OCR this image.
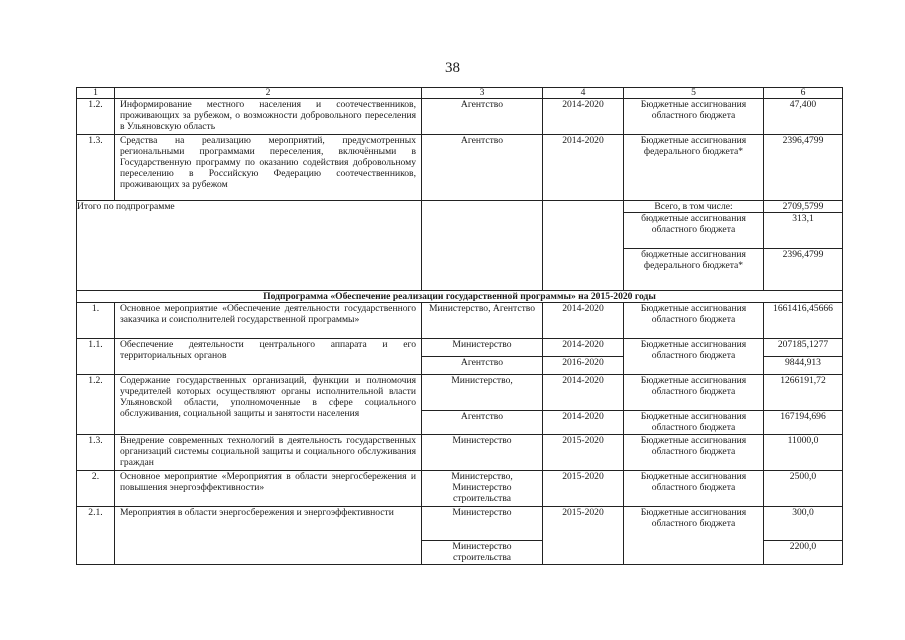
38
1	2	3	4	5	6
1.2.	Информирование местного населения и соотечественников, проживающих за рубежом, о возможности добровольного переселения в Ульяновскую область	Агентство	2014-2020	Бюджетные ассигнования областного бюджета	47,400
1.3.	Средства на реализацию мероприятий, предусмотренных региональными программами переселения, включёнными в Государственную программу по оказанию содействия добровольному переселению в Российскую Федерацию соотечественников, проживающих за рубежом	Агентство	2014-2020	Бюджетные ассигнования федерального бюджета*	2396,4799
Итого по подпрограмме				Всего, в том числе:	2709,5799
				бюджетные ассигнования областного бюджета	313,1
				бюджетные ассигнования федерального бюджета*	2396,4799
Подпрограмма «Обеспечение реализации государственной программы» на 2015-2020 годы					
1.	Основное мероприятие «Обеспечение деятельности государственного заказчика и соисполнителей государственной программы»	Министерство, Агентство	2014-2020	Бюджетные ассигнования областного бюджета	1661416,45666
1.1.	Обеспечение деятельности центрального аппарата и его территориальных органов	Министерство	2014-2020	Бюджетные ассигнования областного бюджета	207185,1277
		Агентство	2016-2020		9844,913
1.2.	Содержание государственных организаций, функции и полномочия учредителей которых осуществляют органы исполнительной власти Ульяновской области, уполномоченные в сфере социального обслуживания, социальной защиты и занятости населения	Министерство,	2014-2020	Бюджетные ассигнования областного бюджета	1266191,72
		Агентство	2014-2020	Бюджетные ассигнования областного бюджета	167194,696
1.3.	Внедрение современных технологий в деятельность государственных организаций системы социальной защиты и социального обслуживания граждан	Министерство	2015-2020	Бюджетные ассигнования областного бюджета	11000,0
2.	Основное мероприятие «Мероприятия в области энергосбережения и повышения энергоэффективности»	Министерство, Министерство строительства	2015-2020	Бюджетные ассигнования областного бюджета	2500,0
2.1.	Мероприятия в области энергосбережения и энергоэффективности	Министерство	2015-2020	Бюджетные ассигнования областного бюджета	300,0
		Министерство строительства			2200,0
